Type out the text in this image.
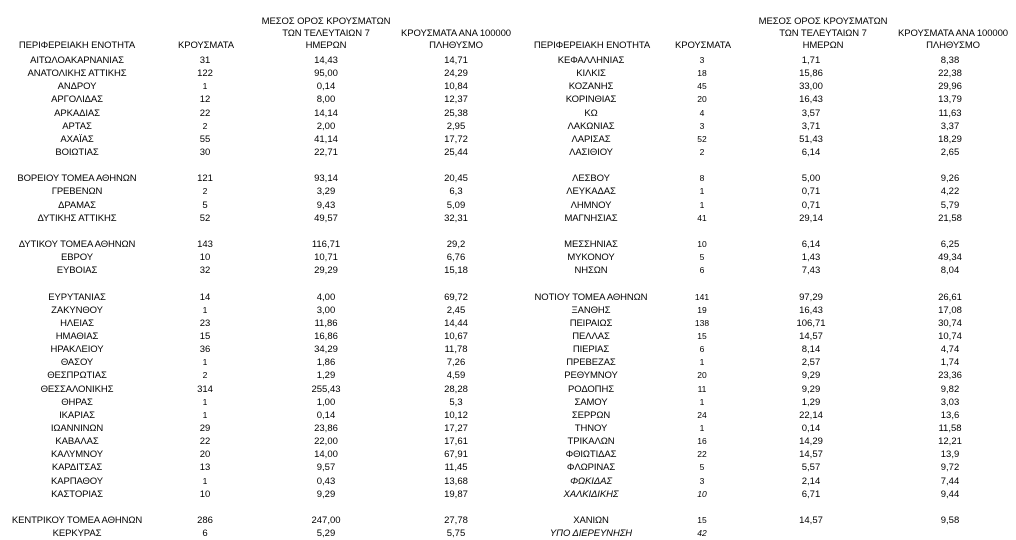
ΠΕΡΙΦΕΡΕΙΑΚΗ ΕΝΟΤΗΤΑ	ΚΡΟΥΣΜΑΤΑ
ΜΕΣΟΣ ΟΡΟΣ ΚΡΟΥΣΜΑΤΩΝ
ΤΩΝ ΤΕΛΕΥΤΑΙΩΝ 7
ΗΜΕΡΩΝ
ΚΡΟΥΣΜΑΤΑ ΑΝΑ 100000
ΠΛΗΘΥΣΜΟ	ΠΕΡΙΦΕΡΕΙΑΚΗ ΕΝΟΤΗΤΑ	ΚΡΟΥΣΜΑΤΑ
ΜΕΣΟΣ ΟΡΟΣ ΚΡΟΥΣΜΑΤΩΝ
ΤΩΝ ΤΕΛΕΥΤΑΙΩΝ 7
ΗΜΕΡΩΝ
ΚΡΟΥΣΜΑΤΑ ΑΝΑ 100000
ΠΛΗΘΥΣΜΟ
ΑΙΤΩΛΟΑΚΑΡΝΑΝΙΑΣ	31	14,43	14,71	ΚΕΦΑΛΛΗΝΙΑΣ	3	1,71	8,38
ΑΝΑΤΟΛΙΚΗΣ ΑΤΤΙΚΗΣ	122	95,00	24,29	ΚΙΛΚΙΣ	18	15,86	22,38
ΑΝΔΡΟΥ	1	0,14	10,84	ΚΟΖΑΝΗΣ	45	33,00	29,96
ΑΡΓΟΛΙΔΑΣ	12	8,00	12,37	ΚΟΡΙΝΘΙΑΣ	20	16,43	13,79
ΑΡΚΑΔΙΑΣ	22	14,14	25,38	ΚΩ	4	3,57	11,63
ΑΡΤΑΣ	2	2,00	2,95	ΛΑΚΩΝΙΑΣ	3	3,71	3,37
ΑΧΑΪΑΣ	55	41,14	17,72	ΛΑΡΙΣΑΣ	52	51,43	18,29
ΒΟΙΩΤΙΑΣ	30	22,71	25,44	ΛΑΣΙΘΙΟΥ	2	6,14	2,65

ΒΟΡΕΙΟΥ ΤΟΜΕΑ ΑΘΗΝΩΝ	121	93,14	20,45	ΛΕΣΒΟΥ	8	5,00	9,26
ΓΡΕΒΕΝΩΝ	2	3,29	6,3	ΛΕΥΚΑΔΑΣ	1	0,71	4,22
ΔΡΑΜΑΣ	5	9,43	5,09	ΛΗΜΝΟΥ	1	0,71	5,79
ΔΥΤΙΚΗΣ ΑΤΤΙΚΗΣ	52	49,57	32,31	ΜΑΓΝΗΣΙΑΣ	41	29,14	21,58

ΔΥΤΙΚΟΥ ΤΟΜΕΑ ΑΘΗΝΩΝ	143	116,71	29,2	ΜΕΣΣΗΝΙΑΣ	10	6,14	6,25
ΕΒΡΟΥ	10	10,71	6,76	ΜΥΚΟΝΟΥ	5	1,43	49,34
ΕΥΒΟΙΑΣ	32	29,29	15,18	ΝΗΣΩΝ	6	7,43	8,04

ΕΥΡΥΤΑΝΙΑΣ	14	4,00	69,72	ΝΟΤΙΟΥ ΤΟΜΕΑ ΑΘΗΝΩΝ	141	97,29	26,61
ΖΑΚΥΝΘΟΥ	1	3,00	2,45	ΞΑΝΘΗΣ	19	16,43	17,08
ΗΛΕΙΑΣ	23	11,86	14,44	ΠΕΙΡΑΙΩΣ	138	106,71	30,74
ΗΜΑΘΙΑΣ	15	16,86	10,67	ΠΕΛΛΑΣ	15	14,57	10,74
ΗΡΑΚΛΕΙΟΥ	36	34,29	11,78	ΠΙΕΡΙΑΣ	6	8,14	4,74
ΘΑΣΟΥ	1	1,86	7,26	ΠΡΕΒΕΖΑΣ	1	2,57	1,74
ΘΕΣΠΡΩΤΙΑΣ	2	1,29	4,59	ΡΕΘΥΜΝΟΥ	20	9,29	23,36
ΘΕΣΣΑΛΟΝΙΚΗΣ	314	255,43	28,28	ΡΟΔΟΠΗΣ	11	9,29	9,82
ΘΗΡΑΣ	1	1,00	5,3	ΣΑΜΟΥ	1	1,29	3,03
ΙΚΑΡΙΑΣ	1	0,14	10,12	ΣΕΡΡΩΝ	24	22,14	13,6
ΙΩΑΝΝΙΝΩΝ	29	23,86	17,27	ΤΗΝΟΥ	1	0,14	11,58
ΚΑΒΑΛΑΣ	22	22,00	17,61	ΤΡΙΚΑΛΩΝ	16	14,29	12,21
ΚΑΛΥΜΝΟΥ	20	14,00	67,91	ΦΘΙΩΤΙΔΑΣ	22	14,57	13,9
ΚΑΡΔΙΤΣΑΣ	13	9,57	11,45	ΦΛΩΡΙΝΑΣ	5	5,57	9,72
ΚΑΡΠΑΘΟΥ	1	0,43	13,68	ΦΩΚΙΔΑΣ	3	2,14	7,44
ΚΑΣΤΟΡΙΑΣ	10	9,29	19,87	ΧΑΛΚΙΔΙΚΗΣ	10	6,71	9,44

ΚΕΝΤΡΙΚΟΥ ΤΟΜΕΑ ΑΘΗΝΩΝ	286	247,00	27,78	ΧΑΝΙΩΝ	15	14,57	9,58
ΚΕΡΚΥΡΑΣ	6	5,29	5,75	ΥΠΟ ΔΙΕΡΕΥΝΗΣΗ	42		
